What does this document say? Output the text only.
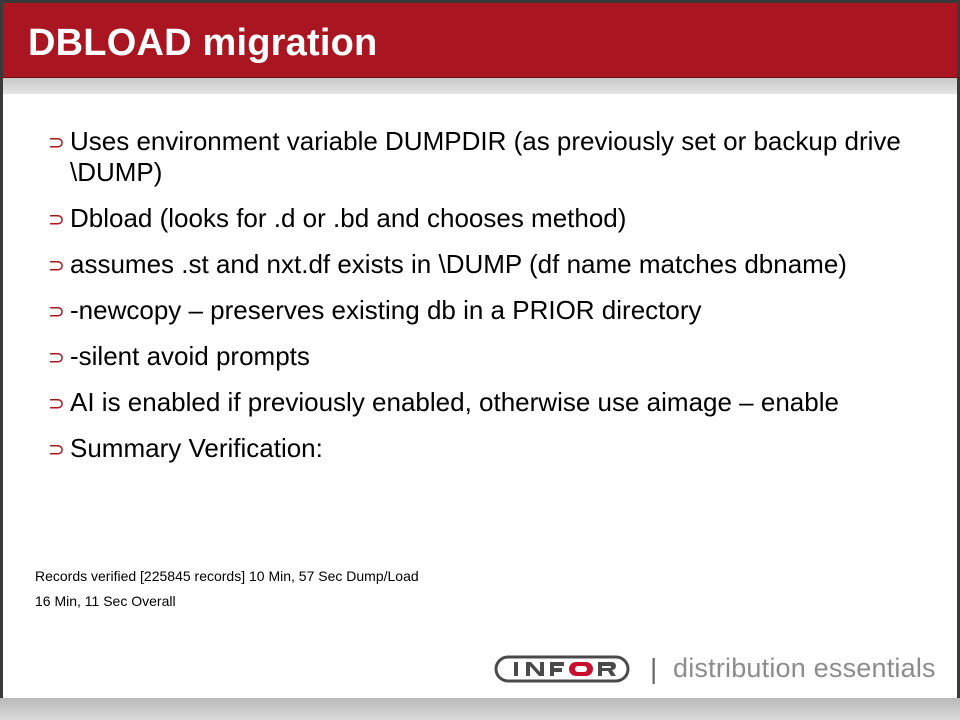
DBLOAD migration
⊃ Uses environment variable DUMPDIR (as previously set or backup drive \DUMP)
⊃ Dbload (looks for .d or .bd and chooses method)
⊃ assumes .st and nxt.df exists in \DUMP (df name matches dbname)
⊃ -newcopy – preserves existing db in a PRIOR directory
⊃ -silent avoid prompts
⊃ AI is enabled if previously enabled, otherwise use aimage – enable
⊃ Summary Verification:
Records verified [225845 records] 10 Min, 57 Sec Dump/Load
16 Min, 11 Sec Overall
| distribution essentials
